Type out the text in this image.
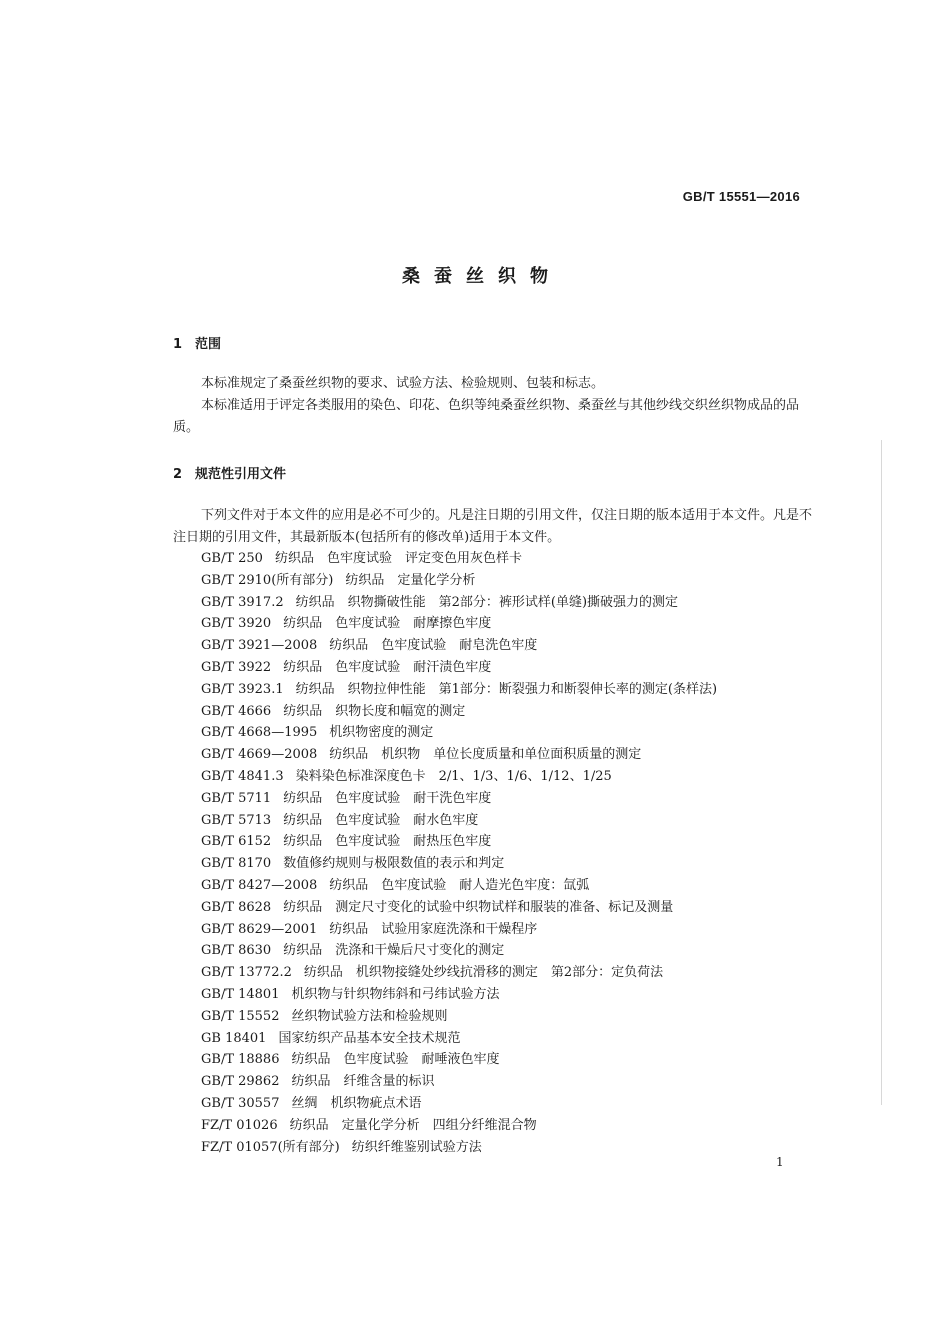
GB/T 15551—2016
桑蚕丝织物
1 范围
本标准规定了桑蚕丝织物的要求、试验方法、检验规则、包装和标志。
本标准适用于评定各类服用的染色、印花、色织等纯桑蚕丝织物、桑蚕丝与其他纱线交织丝织物成品的品质。
2 规范性引用文件
下列文件对于本文件的应用是必不可少的。凡是注日期的引用文件，仅注日期的版本适用于本文件。凡是不注日期的引用文件，其最新版本(包括所有的修改单)适用于本文件。
GB/T 250 纺织品　色牢度试验　评定变色用灰色样卡
GB/T 2910(所有部分) 纺织品　定量化学分析
GB/T 3917.2 纺织品　织物撕破性能　第2部分：裤形试样(单缝)撕破强力的测定
GB/T 3920 纺织品　色牢度试验　耐摩擦色牢度
GB/T 3921—2008 纺织品　色牢度试验　耐皂洗色牢度
GB/T 3922 纺织品　色牢度试验　耐汗渍色牢度
GB/T 3923.1 纺织品　织物拉伸性能　第1部分：断裂强力和断裂伸长率的测定(条样法)
GB/T 4666 纺织品　织物长度和幅宽的测定
GB/T 4668—1995 机织物密度的测定
GB/T 4669—2008 纺织品　机织物　单位长度质量和单位面积质量的测定
GB/T 4841.3 染料染色标准深度色卡　2/1、1/3、1/6、1/12、1/25
GB/T 5711 纺织品　色牢度试验　耐干洗色牢度
GB/T 5713 纺织品　色牢度试验　耐水色牢度
GB/T 6152 纺织品　色牢度试验　耐热压色牢度
GB/T 8170 数值修约规则与极限数值的表示和判定
GB/T 8427—2008 纺织品　色牢度试验　耐人造光色牢度：氙弧
GB/T 8628 纺织品　测定尺寸变化的试验中织物试样和服装的准备、标记及测量
GB/T 8629—2001 纺织品　试验用家庭洗涤和干燥程序
GB/T 8630 纺织品　洗涤和干燥后尺寸变化的测定
GB/T 13772.2 纺织品　机织物接缝处纱线抗滑移的测定　第2部分：定负荷法
GB/T 14801 机织物与针织物纬斜和弓纬试验方法
GB/T 15552 丝织物试验方法和检验规则
GB 18401 国家纺织产品基本安全技术规范
GB/T 18886 纺织品　色牢度试验　耐唾液色牢度
GB/T 29862 纺织品　纤维含量的标识
GB/T 30557 丝绸　机织物疵点术语
FZ/T 01026 纺织品　定量化学分析　四组分纤维混合物
FZ/T 01057(所有部分) 纺织纤维鉴别试验方法
1
